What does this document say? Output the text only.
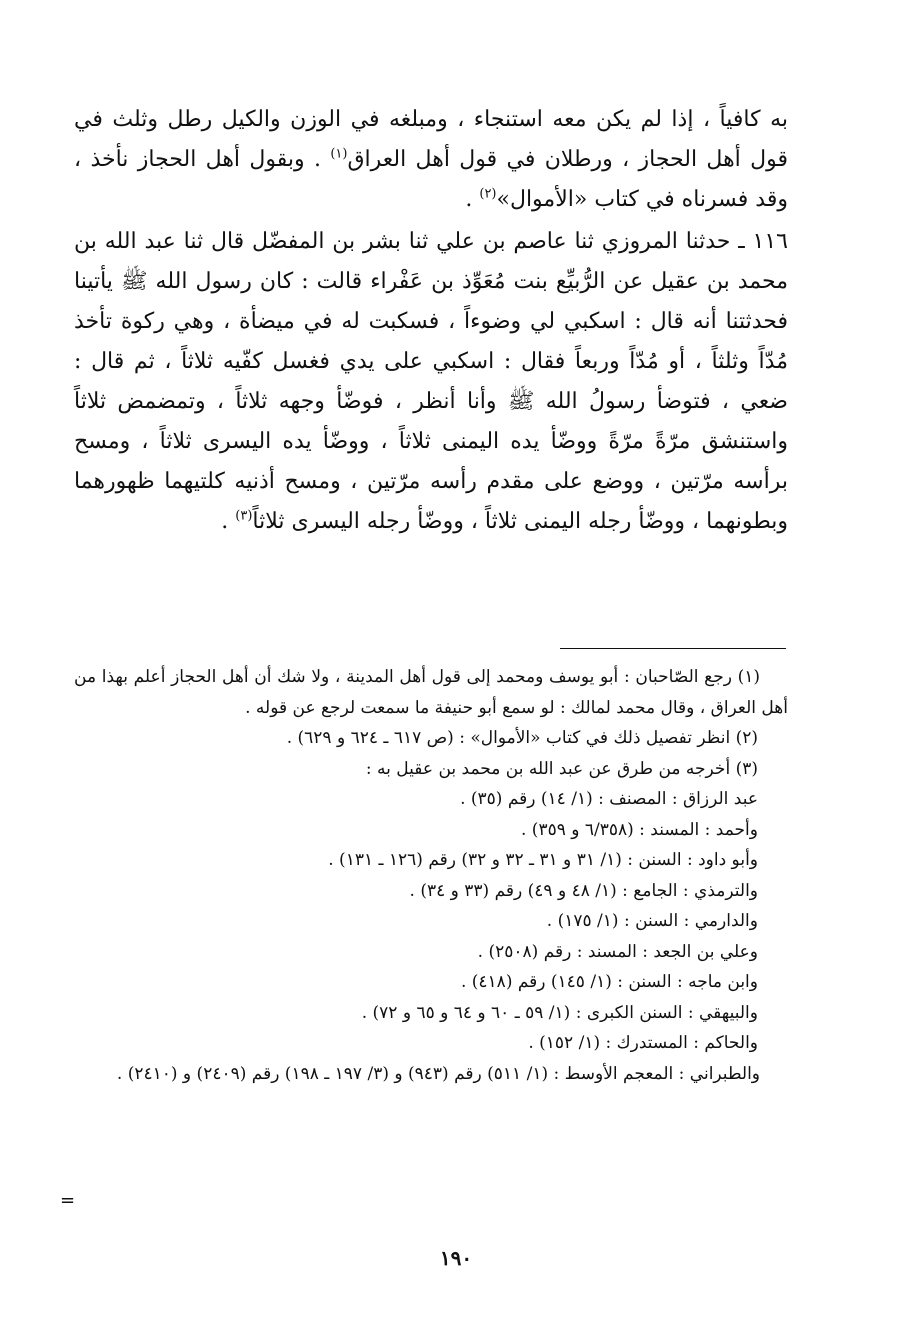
به كافياً ، إذا لم يكن معه استنجاء ، ومبلغه في الوزن والكيل رطل وثلث في قول أهل الحجاز ، ورطلان في قول أهل العراق$^{(١)}$ . وبقول أهل الحجاز نأخذ ، وقد فسرناه في كتاب «الأموال»$^{(٢)}$ .

١١٦ ـ حدثنا المروزي ثنا عاصم بن علي ثنا بشر بن المفضّل قال ثنا عبد الله بن محمد بن عقيل عن الرُّبيِّع بنت مُعَوِّذ بن عَفْراء قالت : كان رسول الله ﷺ يأتينا فحدثتنا أنه قال : اسكبي لي وضوءاً ، فسكبت له في ميضأة ، وهي ركوة تأخذ مُدّاً وثلثاً ، أو مُدّاً وربعاً فقال : اسكبي على يدي فغسل كفّيه ثلاثاً ، ثم قال : ضعي ، فتوضأ رسولُ الله ﷺ وأنا أنظر ، فوضّأ وجهه ثلاثاً ، وتمضمض ثلاثاً واستنشق مرّةً مرّةً ووضّأ يده اليمنى ثلاثاً ، ووضّأ يده اليسرى ثلاثاً ، ومسح برأسه مرّتين ، ووضع على مقدم رأسه مرّتين ، ومسح أذنيه كلتيهما ظهورهما وبطونهما ، ووضّأ رجله اليمنى ثلاثاً ، ووضّأ رجله اليسرى ثلاثاً$^{(٣)}$ .

(١) رجع الصّاحبان : أبو يوسف ومحمد إلى قول أهل المدينة ، ولا شك أن أهل الحجاز أعلم بهذا من أهل العراق ، وقال محمد لمالك : لو سمع أبو حنيفة ما سمعت لرجع عن قوله .

(٢) انظر تفصيل ذلك في كتاب «الأموال» : (ص ٦١٧ ـ ٦٢٤ و ٦٢٩) .

(٣) أخرجه من طرق عن عبد الله بن محمد بن عقيل به :

عبد الرزاق : المصنف : (١/ ١٤) رقم (٣٥) .

وأحمد : المسند : (٦/٣٥٨ و ٣٥٩) .

وأبو داود : السنن : (١/ ٣١ و ٣١ ـ ٣٢ و ٣٢) رقم (١٢٦ ـ ١٣١) .

والترمذي : الجامع : (١/ ٤٨ و ٤٩) رقم (٣٣ و ٣٤) .

والدارمي : السنن : (١/ ١٧٥) .

وعلي بن الجعد : المسند : رقم (٢٥٠٨) .

وابن ماجه : السنن : (١/ ١٤٥) رقم (٤١٨) .

والبيهقي : السنن الكبرى : (١/ ٥٩ ـ ٦٠ و ٦٤ و ٦٥ و ٧٢) .

والحاكم : المستدرك : (١/ ١٥٢) .

والطبراني : المعجم الأوسط : (١/ ٥١١) رقم (٩٤٣) و (٣/ ١٩٧ ـ ١٩٨) رقم (٢٤٠٩) و (٢٤١٠) .

=
١٩٠
